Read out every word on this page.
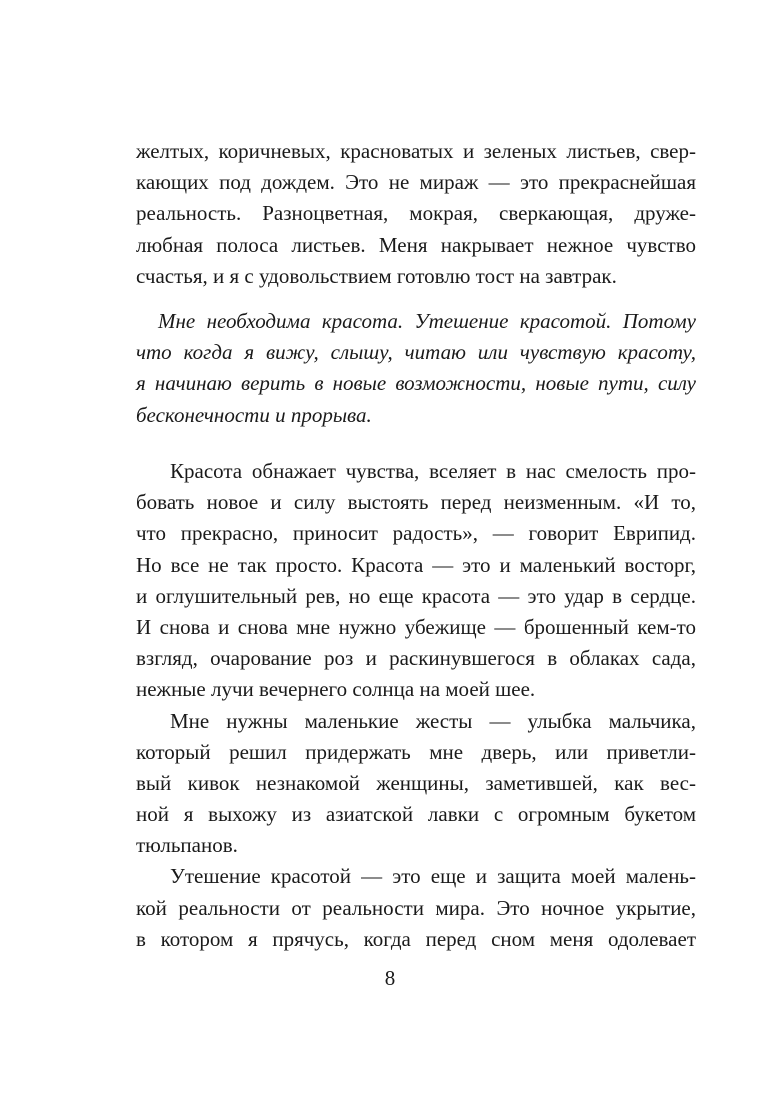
желтых, коричневых, красноватых и зеленых листьев, свер-
кающих под дождем. Это не мираж — это прекраснейшая
реальность. Разноцветная, мокрая, сверкающая, друже-
любная полоса листьев. Меня накрывает нежное чувство
счастья, и я с удовольствием готовлю тост на завтрак.
Мне необходима красота. Утешение красотой. Потому
что когда я вижу, слышу, читаю или чувствую красоту,
я начинаю верить в новые возможности, новые пути, силу
бесконечности и прорыва.
Красота обнажает чувства, вселяет в нас смелость про-
бовать новое и силу выстоять перед неизменным. «И то,
что прекрасно, приносит радость», — говорит Еврипид.
Но все не так просто. Красота — это и маленький восторг,
и оглушительный рев, но еще красота — это удар в сердце.
И снова и снова мне нужно убежище — брошенный кем-то
взгляд, очарование роз и раскинувшегося в облаках сада,
нежные лучи вечернего солнца на моей шее.
Мне нужны маленькие жесты — улыбка мальчика,
который решил придержать мне дверь, или приветли-
вый кивок незнакомой женщины, заметившей, как вес-
ной я выхожу из азиатской лавки с огромным букетом
тюльпанов.
Утешение красотой — это еще и защита моей малень-
кой реальности от реальности мира. Это ночное укрытие,
в котором я прячусь, когда перед сном меня одолевает
8
